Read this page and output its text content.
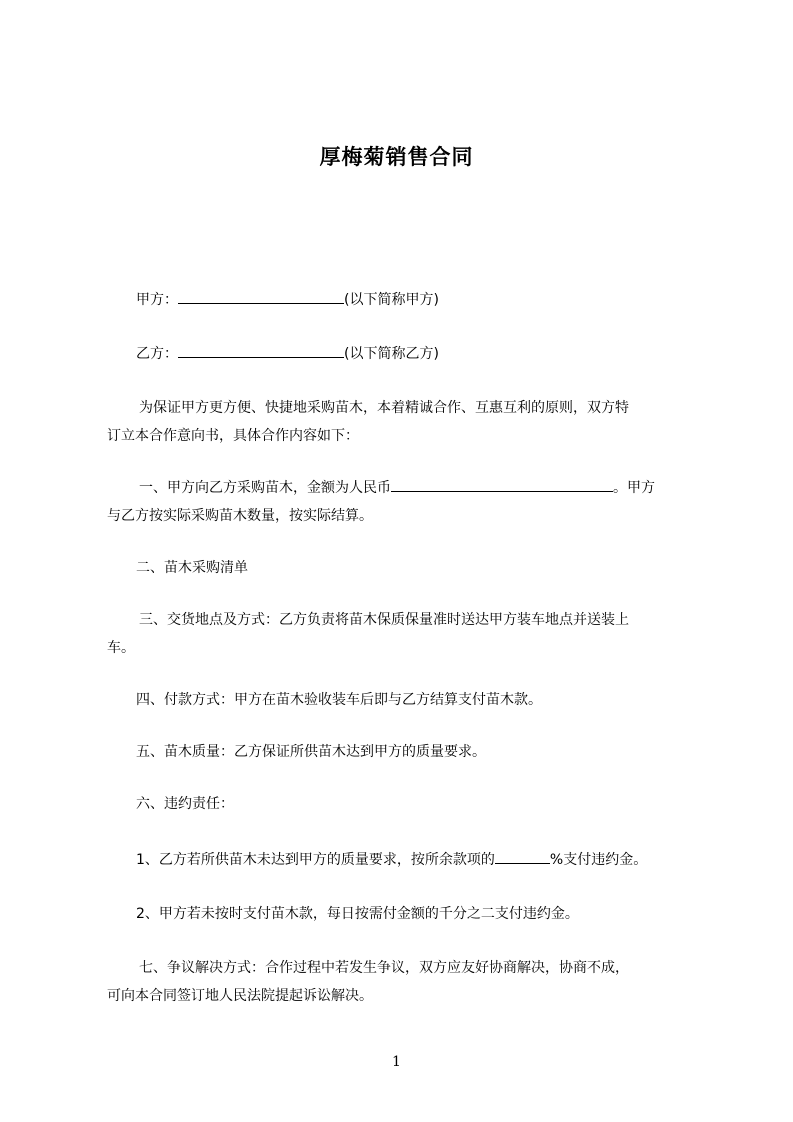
厚梅菊销售合同
甲方：	(以下简称甲方)
乙方：	(以下简称乙方)
为保证甲方更方便、快捷地采购苗木，本着精诚合作、互惠互利的原则，双方特
订立本合作意向书，具体合作内容如下：
一、甲方向乙方采购苗木，金额为人民币	。甲方
与乙方按实际采购苗木数量，按实际结算。
二、苗木采购清单
三、交货地点及方式：乙方负责将苗木保质保量准时送达甲方装车地点并送装上
车。
四、付款方式：甲方在苗木验收装车后即与乙方结算支付苗木款。
五、苗木质量：乙方保证所供苗木达到甲方的质量要求。
六、违约责任：
1、乙方若所供苗木未达到甲方的质量要求，按所余款项的	%支付违约金。
2、甲方若未按时支付苗木款，每日按需付金额的千分之二支付违约金。
七、争议解决方式：合作过程中若发生争议，双方应友好协商解决，协商不成，
可向本合同签订地人民法院提起诉讼解决。
1
